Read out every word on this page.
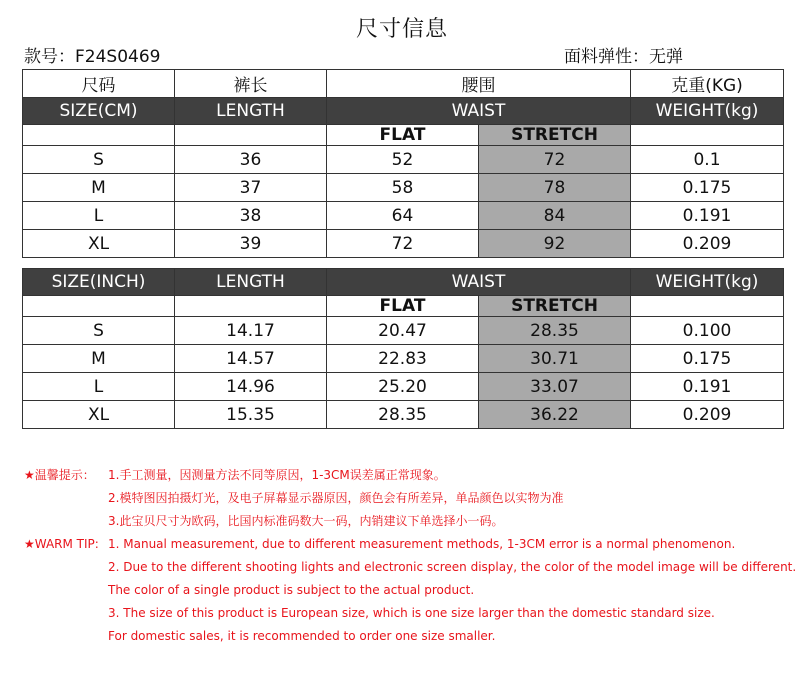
尺寸信息
款号：F24S0469	面料弹性：无弹
尺码	裤长	腰围		克重(KG)
SIZE(CM)	LENGTH	WAIST		WEIGHT(kg)
		FLAT	STRETCH	
S	36	52	72	0.1
M	37	58	78	0.175
L	38	64	84	0.191
XL	39	72	92	0.209
SIZE(INCH)	LENGTH	WAIST		WEIGHT(kg)
		FLAT	STRETCH	
S	14.17	20.47	28.35	0.100
M	14.57	22.83	30.71	0.175
L	14.96	25.20	33.07	0.191
XL	15.35	28.35	36.22	0.209
★温馨提示： 1.手工测量，因测量方法不同等原因，1-3CM误差属正常现象。
2.模特图因拍摄灯光，及电子屏幕显示器原因，颜色会有所差异，单品颜色以实物为准
3.此宝贝尺寸为欧码，比国内标准码数大一码，内销建议下单选择小一码。
★WARM TIP: 1. Manual measurement, due to different measurement methods, 1-3CM error is a normal phenomenon.
2. Due to the different shooting lights and electronic screen display, the color of the model image will be different.
The color of a single product is subject to the actual product.
3. The size of this product is European size, which is one size larger than the domestic standard size.
For domestic sales, it is recommended to order one size smaller.
